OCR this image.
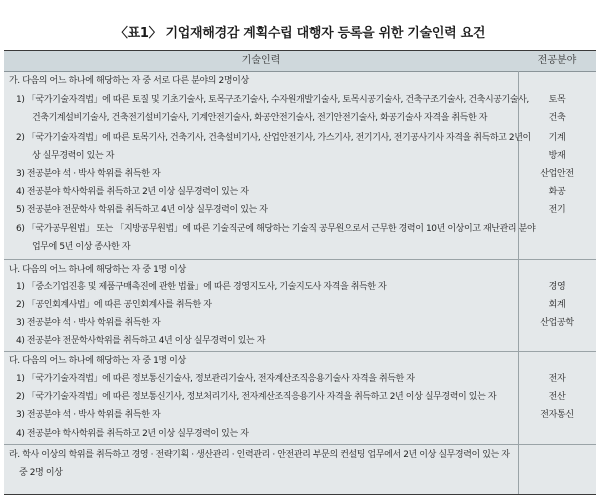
〈표1〉 기업재해경감 계획수립 대행자 등록을 위한 기술인력 요건
기술인력	전공분야
가. 다음의 어느 하나에 해당하는 자 중 서로 다른 분야의 2명이상
1) 「국가기술자격법」에 따른 토질 및 기초기술사, 토목구조기술사, 수자원개발기술사, 토목시공기술사, 건축구조기술사, 건축시공기술사,
건축기계설비기술사, 건축전기설비기술사, 기계안전기술사, 화공안전기술사, 전기안전기술사, 화공기술사 자격을 취득한 자
2) 「국가기술자격법」에 따른 토목기사, 건축기사, 건축설비기사, 산업안전기사, 가스기사, 전기기사, 전기공사기사 자격을 취득하고 2년이
상 실무경력이 있는 자
3) 전공분야 석 · 박사 학위를 취득한 자
4) 전공분야 학사학위를 취득하고 2년 이상 실무경력이 있는 자
5) 전공분야 전문학사 학위를 취득하고 4년 이상 실무경력이 있는 자
6) 「국가공무원법」 또는 「지방공무원법」에 따른 기술직군에 해당하는 기술직 공무원으로서 근무한 경력이 10년 이상이고 재난관리 분야
업무에 5년 이상 종사한 자
토목
건축
기계
방재
산업안전
화공
전기
나. 다음의 어느 하나에 해당하는 자 중 1명 이상
1) 「중소기업진흥 및 제품구매촉진에 관한 법률」에 따른 경영지도사, 기술지도사 자격을 취득한 자
2) 「공인회계사법」에 따른 공인회계사를 취득한 자
3) 전공분야 석 · 박사 학위를 취득한 자
4) 전공분야 전문학사학위를 취득하고 4년 이상 실무경력이 있는 자
경영
회계
산업공학
다. 다음의 어느 하나에 해당하는 자 중 1명 이상
1) 「국가기술자격법」에 따른 정보통신기술사, 정보관리기술사, 전자계산조직응용기술사 자격을 취득한 자
2) 「국가기술자격법」에 따른 정보통신기사, 정보처리기사, 전자계산조직응용기사 자격을 취득하고 2년 이상 실무경력이 있는 자
3) 전공분야 석 · 박사 학위를 취득한 자
4) 전공분야 학사학위를 취득하고 2년 이상 실무경력이 있는 자
전자
전산
전자통신
라. 학사 이상의 학위를 취득하고 경영 · 전략기획 · 생산관리 · 인력관리 · 안전관리 부문의 컨설팅 업무에서 2년 이상 실무경력이 있는 자
중 2명 이상
